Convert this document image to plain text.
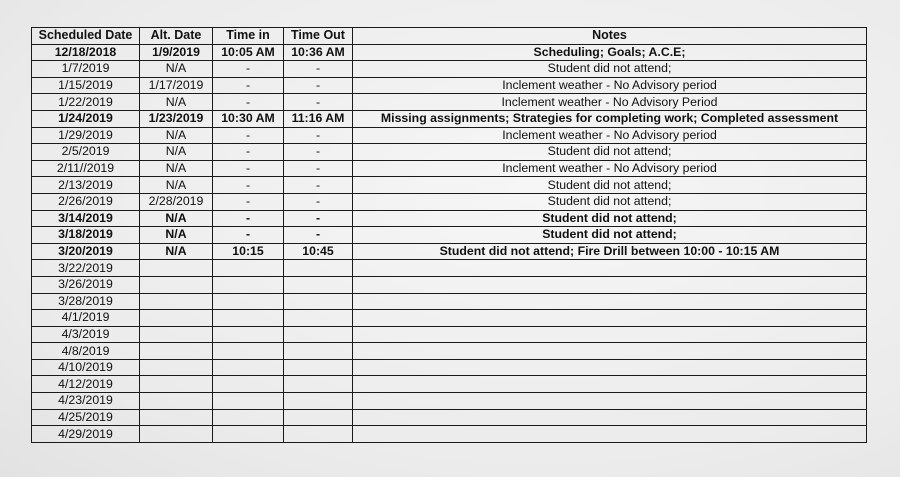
Scheduled Date	Alt. Date	Time in	Time Out	Notes
12/18/2018	1/9/2019	10:05 AM	10:36 AM	Scheduling; Goals; A.C.E;
1/7/2019	N/A	-	-	Student did not attend;
1/15/2019	1/17/2019	-	-	Inclement weather - No Advisory period
1/22/2019	N/A	-	-	Inclement weather - No Advisory Period
1/24/2019	1/23/2019	10:30 AM	11:16 AM	Missing assignments; Strategies for completing work; Completed assessment
1/29/2019	N/A	-	-	Inclement weather - No Advisory period
2/5/2019	N/A	-	-	Student did not attend;
2/11//2019	N/A	-	-	Inclement weather - No Advisory period
2/13/2019	N/A	-	-	Student did not attend;
2/26/2019	2/28/2019	-	-	Student did not attend;
3/14/2019	N/A	-	-	Student did not attend;
3/18/2019	N/A	-	-	Student did not attend;
3/20/2019	N/A	10:15	10:45	Student did not attend; Fire Drill between 10:00 - 10:15 AM
3/22/2019				
3/26/2019				
3/28/2019				
4/1/2019				
4/3/2019				
4/8/2019				
4/10/2019				
4/12/2019				
4/23/2019				
4/25/2019				
4/29/2019				
